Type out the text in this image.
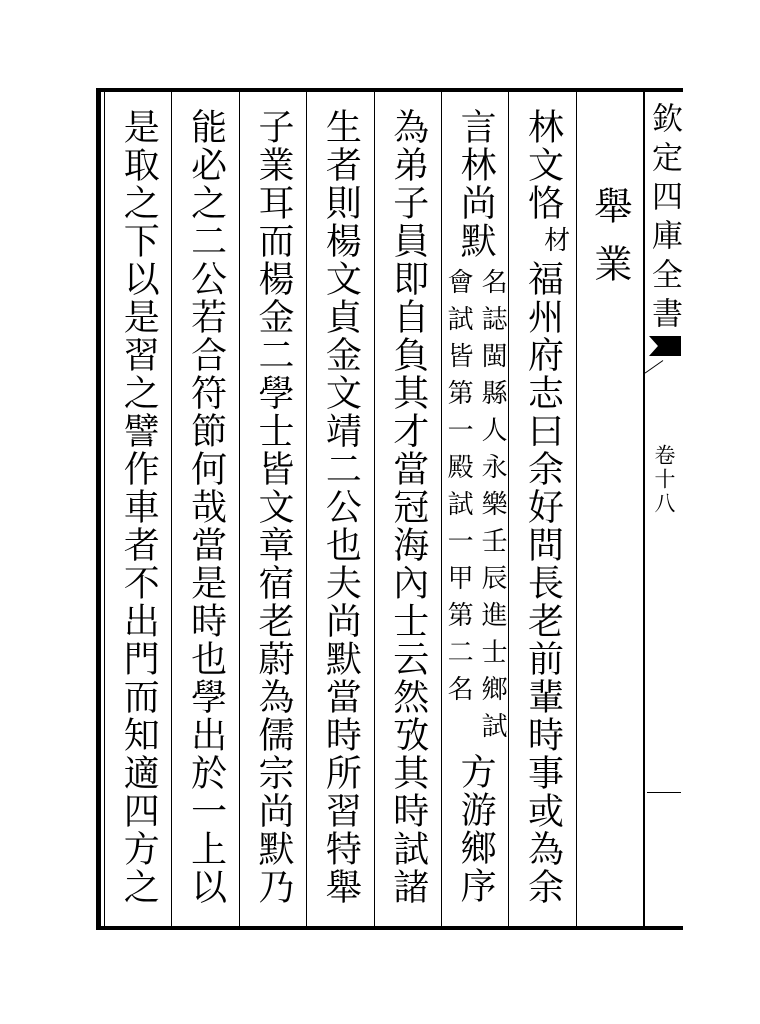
舉業
林文恪
材
福州府志曰余好問長老前輩時事或為余
言林尚默
名誌閩縣人永樂壬辰進士鄉試
會試皆第一殿試一甲第二名
方游鄉序
為弟子員即自負其才當冠海內士云然攷其時試諸
生者則楊文貞金文靖二公也夫尚默當時所習特舉
子業耳而楊金二學士皆文章宿老蔚為儒宗尚默乃
能必之二公若合符節何哉當是時也學出於一上以
是取之下以是習之譬作車者不出門而知適四方之	欽定四庫全書
卷十八
